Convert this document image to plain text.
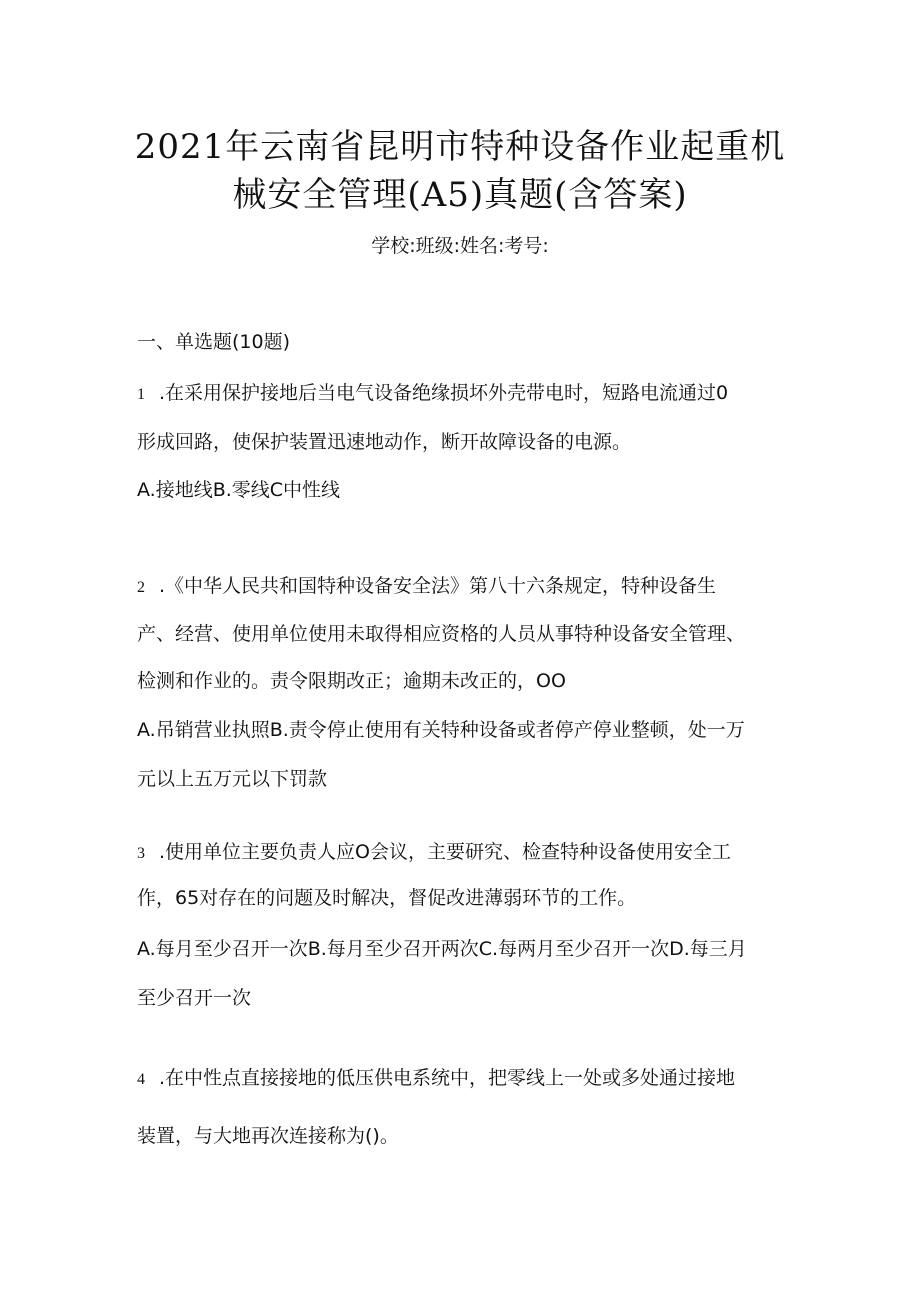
2021年云南省昆明市特种设备作业起重机
械安全管理(A5)真题(含答案)
学校:班级:姓名:考号:
一、单选题(10题)
1 .在采用保护接地后当电气设备绝缘损坏外壳带电时，短路电流通过0
形成回路，使保护装置迅速地动作，断开故障设备的电源。
A.接地线B.零线C中性线
2 .《中华人民共和国特种设备安全法》第八十六条规定，特种设备生
产、经营、使用单位使用未取得相应资格的人员从事特种设备安全管理、
检测和作业的。责令限期改正；逾期未改正的，OO
A.吊销营业执照B.责令停止使用有关特种设备或者停产停业整顿，处一万
元以上五万元以下罚款
3 .使用单位主要负责人应O会议，主要研究、检查特种设备使用安全工
作，65对存在的问题及时解决，督促改进薄弱环节的工作。
A.每月至少召开一次B.每月至少召开两次C.每两月至少召开一次D.每三月
至少召开一次
4 .在中性点直接接地的低压供电系统中，把零线上一处或多处通过接地
装置，与大地再次连接称为()。
